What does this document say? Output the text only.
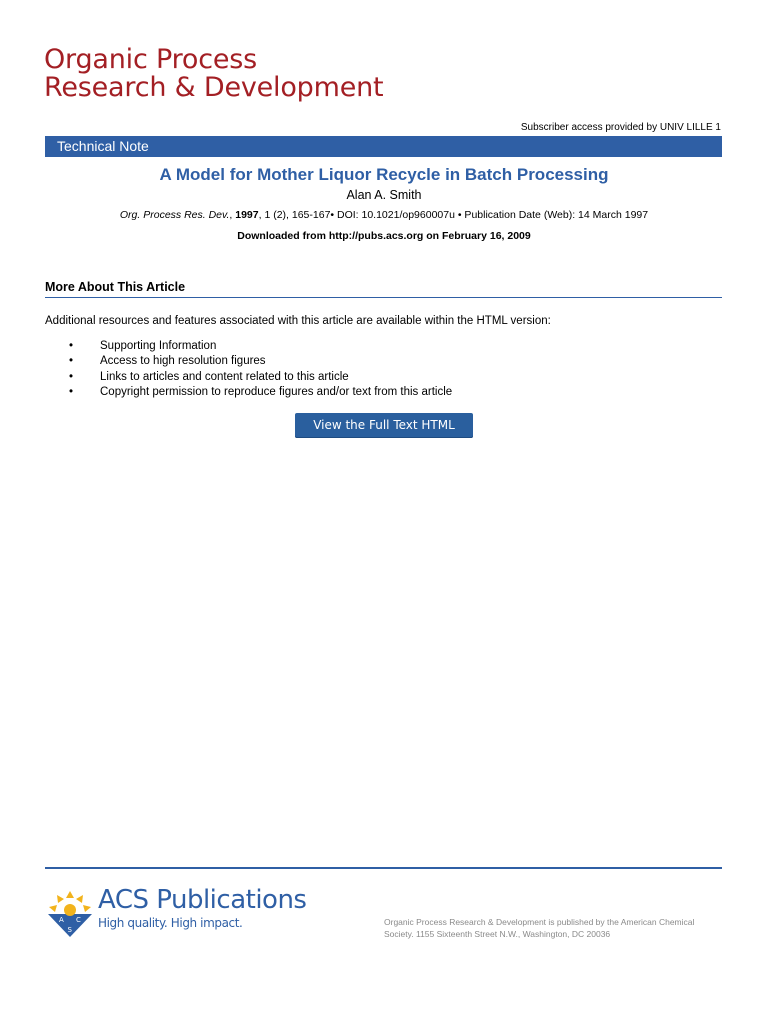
Organic Process
Research & Development
Subscriber access provided by UNIV LILLE 1
Technical Note
A Model for Mother Liquor Recycle in Batch Processing
Alan A. Smith
Org. Process Res. Dev., 1997, 1 (2), 165-167• DOI: 10.1021/op960007u • Publication Date (Web): 14 March 1997
Downloaded from http://pubs.acs.org on February 16, 2009
More About This Article
Additional resources and features associated with this article are available within the HTML version:
• Supporting Information
• Access to high resolution figures
• Links to articles and content related to this article
• Copyright permission to reproduce figures and/or text from this article
View the Full Text HTML
A C
S
ACS Publications
High quality. High impact.	Organic Process Research & Development is published by the American Chemical Society. 1155 Sixteenth Street N.W., Washington, DC 20036
